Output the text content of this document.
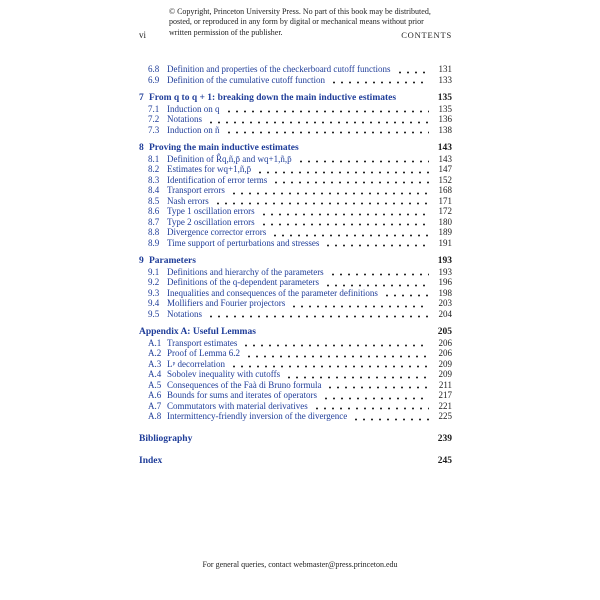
© Copyright, Princeton University Press. No part of this book may be distributed, posted, or reproduced in any form by digital or mechanical means without prior written permission of the publisher.
vi	CONTENTS
6.8 Definition and properties of the checkerboard cutoff functions	131
6.9 Definition of the cumulative cutoff function	133
7 From q to q + 1: breaking down the main inductive estimates	135
7.1 Induction on q	135
7.2 Notations	136
7.3 Induction on ñ	138
8 Proving the main inductive estimates	143
8.1 Definition of R̂q,ñ,p̄ and wq+1,ñ,p̄	143
8.2 Estimates for wq+1,ñ,p̄	147
8.3 Identification of error terms	152
8.4 Transport errors	168
8.5 Nash errors	171
8.6 Type 1 oscillation errors	172
8.7 Type 2 oscillation errors	180
8.8 Divergence corrector errors	189
8.9 Time support of perturbations and stresses	191
9 Parameters	193
9.1 Definitions and hierarchy of the parameters	193
9.2 Definitions of the q-dependent parameters	196
9.3 Inequalities and consequences of the parameter definitions	198
9.4 Mollifiers and Fourier projectors	203
9.5 Notations	204
Appendix A: Useful Lemmas	205
A.1 Transport estimates	206
A.2 Proof of Lemma 6.2	206
A.3 Lᵖ decorrelation	209
A.4 Sobolev inequality with cutoffs	209
A.5 Consequences of the Faà di Bruno formula	211
A.6 Bounds for sums and iterates of operators	217
A.7 Commutators with material derivatives	221
A.8 Intermittency-friendly inversion of the divergence	225
Bibliography	239
Index	245
For general queries, contact webmaster@press.princeton.edu
